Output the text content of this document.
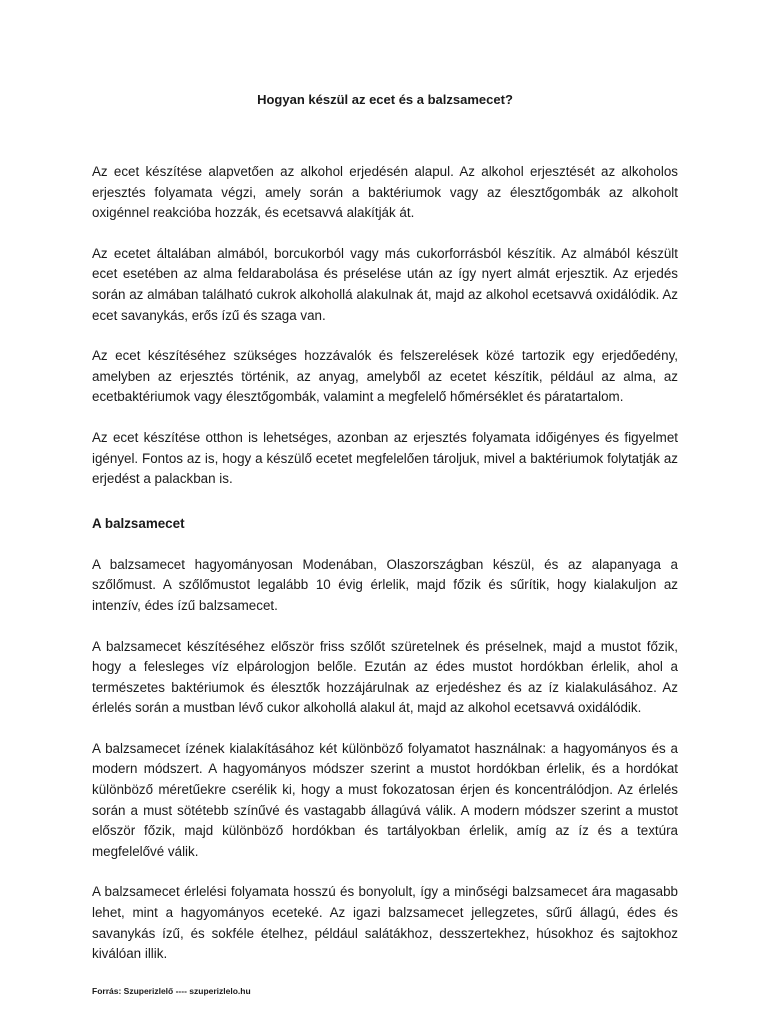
Hogyan készül az ecet és a balzsamecet?

Az ecet készítése alapvetően az alkohol erjedésén alapul. Az alkohol erjesztését az alkoholos erjesztés folyamata végzi, amely során a baktériumok vagy az élesztőgombák az alkoholt oxigénnel reakcióba hozzák, és ecetsavvá alakítják át.

Az ecetet általában almából, borcukorból vagy más cukorforrásból készítik. Az almából készült ecet esetében az alma feldarabolása és préselése után az így nyert almát erjesztik. Az erjedés során az almában található cukrok alkohollá alakulnak át, majd az alkohol ecetsavvá oxidálódik. Az ecet savanykás, erős ízű és szaga van.

Az ecet készítéséhez szükséges hozzávalók és felszerelések közé tartozik egy erjedőedény, amelyben az erjesztés történik, az anyag, amelyből az ecetet készítik, például az alma, az ecetbaktériumok vagy élesztőgombák, valamint a megfelelő hőmérséklet és páratartalom.

Az ecet készítése otthon is lehetséges, azonban az erjesztés folyamata időigényes és figyelmet igényel. Fontos az is, hogy a készülő ecetet megfelelően tároljuk, mivel a baktériumok folytatják az erjedést a palackban is.

A balzsamecet

A balzsamecet hagyományosan Modenában, Olaszországban készül, és az alapanyaga a szőlőmust. A szőlőmustot legalább 10 évig érlelik, majd főzik és sűrítik, hogy kialakuljon az intenzív, édes ízű balzsamecet.

A balzsamecet készítéséhez először friss szőlőt szüretelnek és préselnek, majd a mustot főzik, hogy a felesleges víz elpárologjon belőle. Ezután az édes mustot hordókban érlelik, ahol a természetes baktériumok és élesztők hozzájárulnak az erjedéshez és az íz kialakulásához. Az érlelés során a mustban lévő cukor alkohollá alakul át, majd az alkohol ecetsavvá oxidálódik.

A balzsamecet ízének kialakításához két különböző folyamatot használnak: a hagyományos és a modern módszert. A hagyományos módszer szerint a mustot hordókban érlelik, és a hordókat különböző méretűekre cserélik ki, hogy a must fokozatosan érjen és koncentrálódjon. Az érlelés során a must sötétebb színűvé és vastagabb állagúvá válik. A modern módszer szerint a mustot először főzik, majd különböző hordókban és tartályokban érlelik, amíg az íz és a textúra megfelelővé válik.

A balzsamecet érlelési folyamata hosszú és bonyolult, így a minőségi balzsamecet ára magasabb lehet, mint a hagyományos eceteké. Az igazi balzsamecet jellegzetes, sűrű állagú, édes és savanykás ízű, és sokféle ételhez, például salátákhoz, desszertekhez, húsokhoz és sajtokhoz kiválóan illik.

Forrás: Szuperizlelő ---- szuperizlelo.hu
